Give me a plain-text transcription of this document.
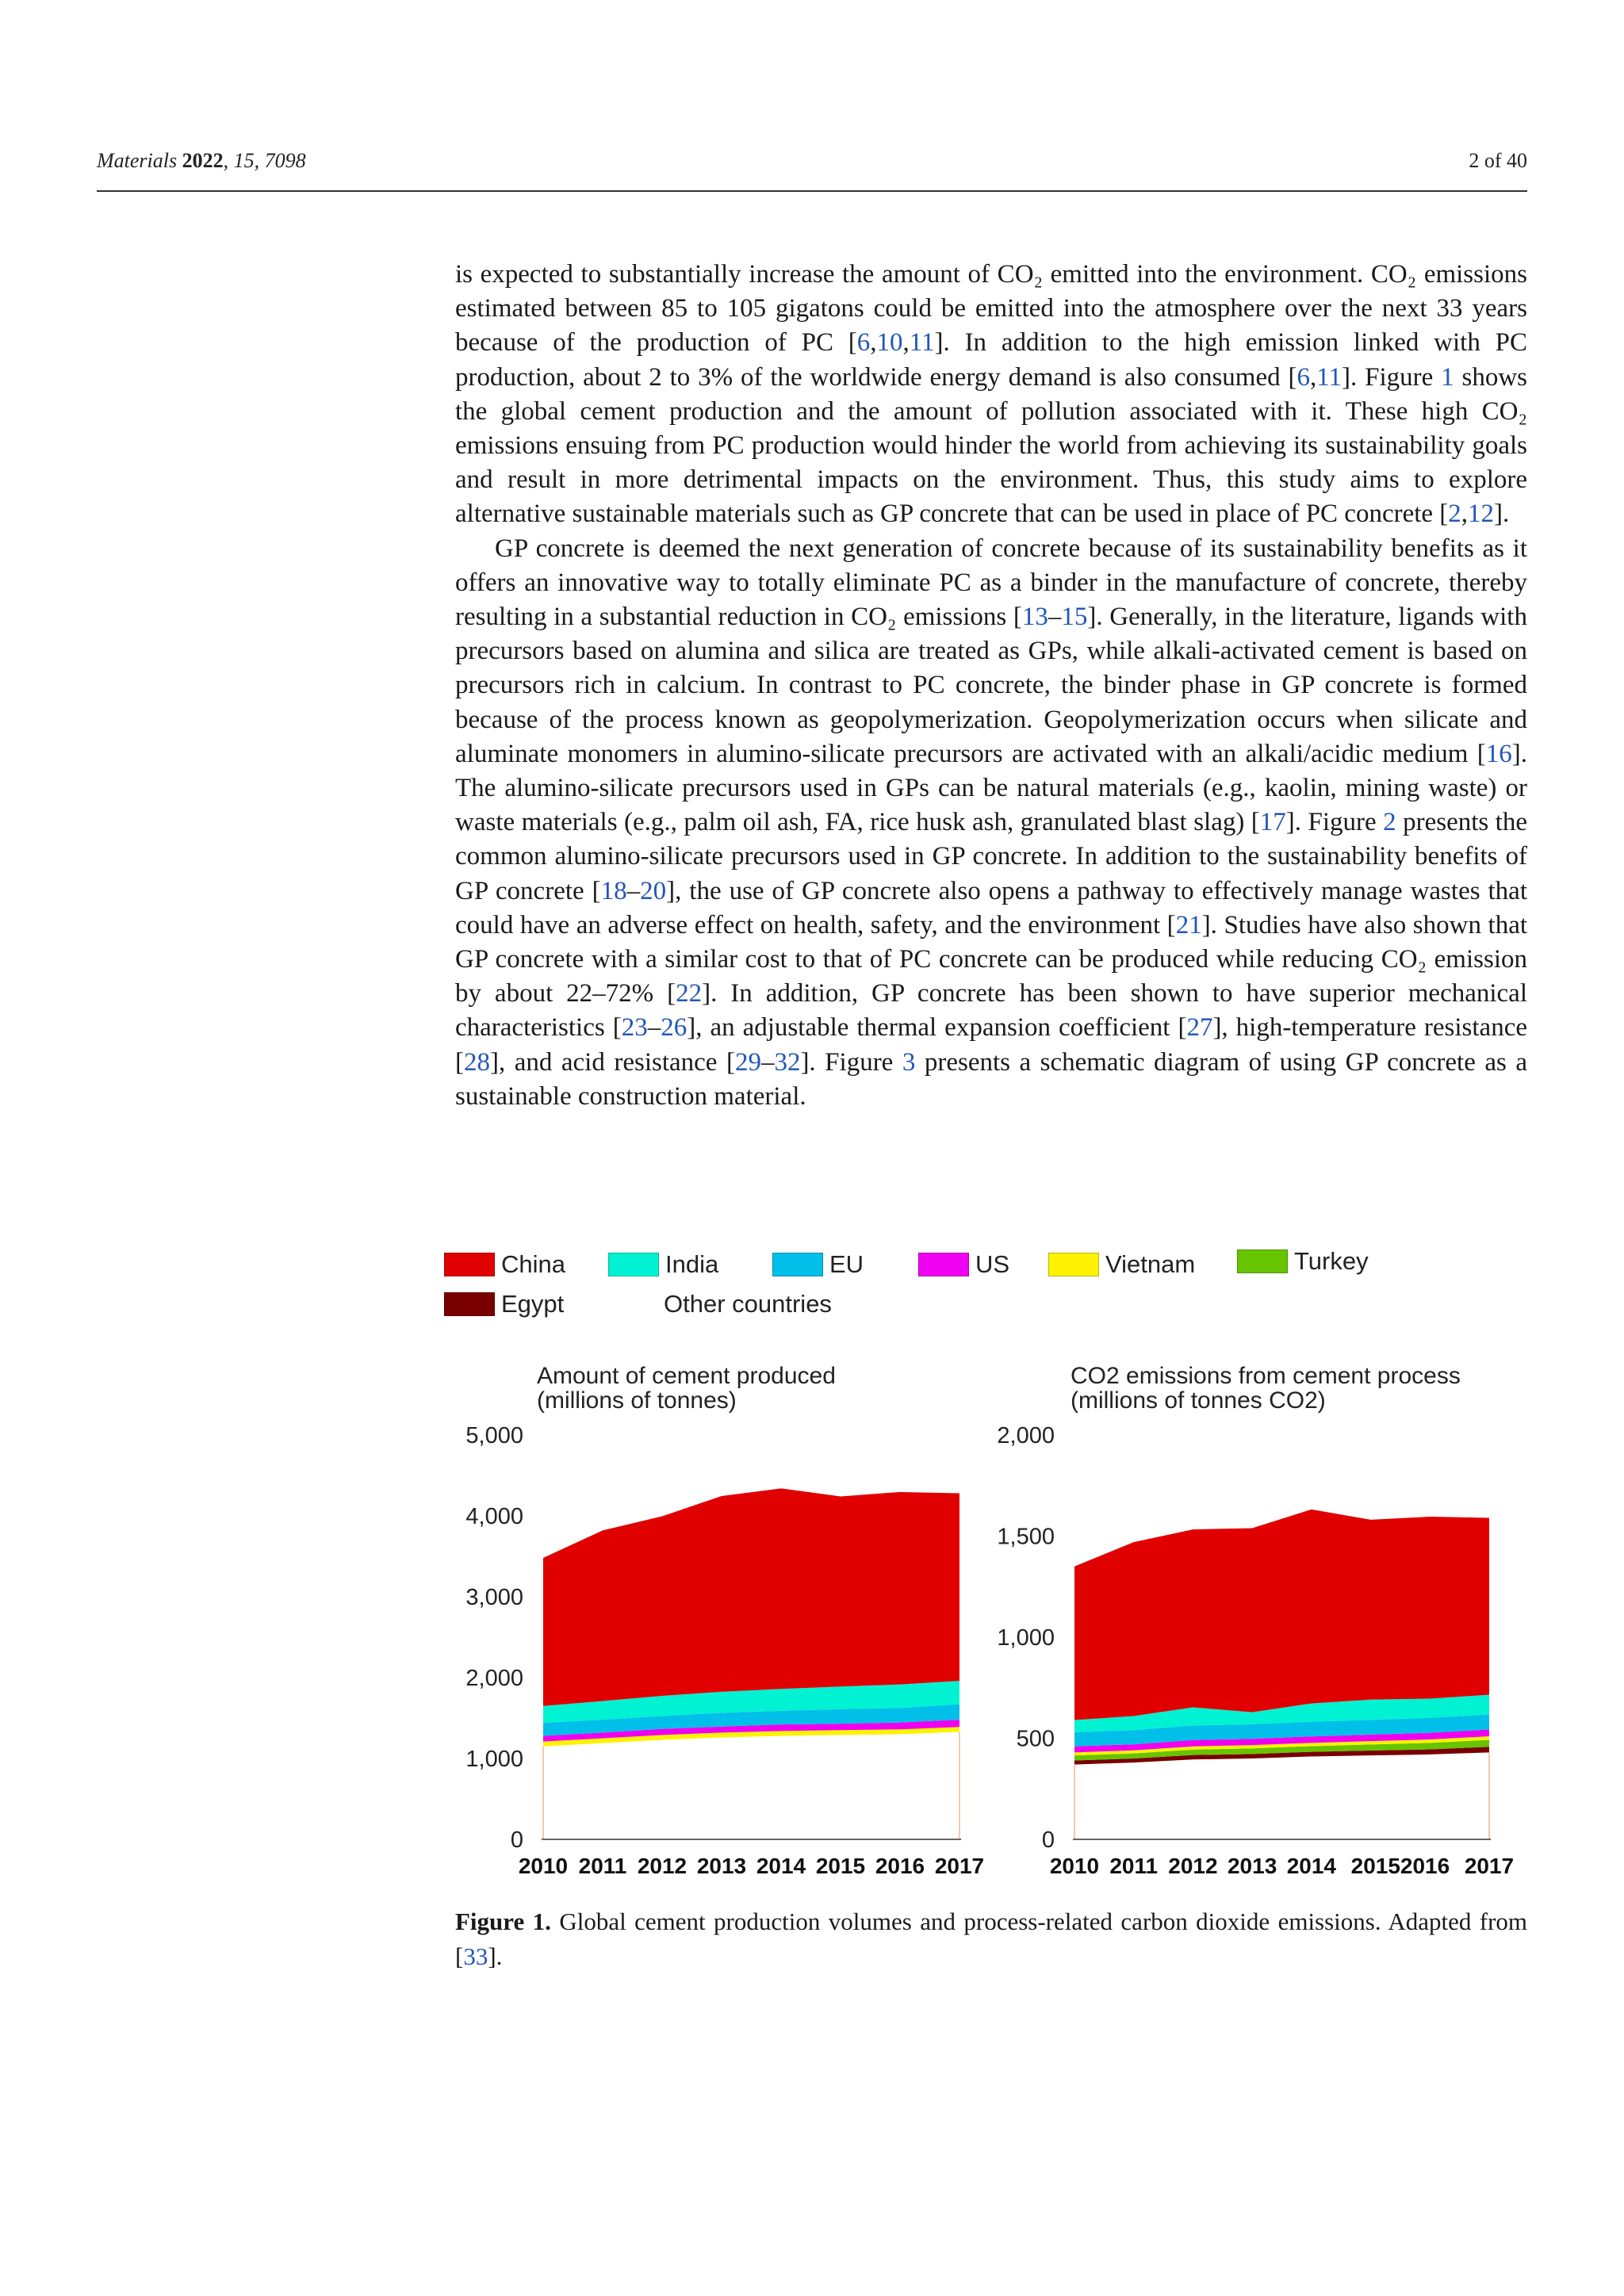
Materials 2022, 15, 7098	2 of 40

is expected to substantially increase the amount of CO₂ emitted into the environment. CO₂ emissions estimated between 85 to 105 gigatons could be emitted into the atmosphere over the next 33 years because of the production of PC [6,10,11]. In addition to the high emission linked with PC production, about 2 to 3% of the worldwide energy demand is also consumed [6,11]. Figure 1 shows the global cement production and the amount of pollution associated with it. These high CO₂ emissions ensuing from PC production would hinder the world from achieving its sustainability goals and result in more detrimental impacts on the environment. Thus, this study aims to explore alternative sustainable materials such as GP concrete that can be used in place of PC concrete [2,12].

GP concrete is deemed the next generation of concrete because of its sustainability benefits as it offers an innovative way to totally eliminate PC as a binder in the manufacture of concrete, thereby resulting in a substantial reduction in CO₂ emissions [13–15]. Generally, in the literature, ligands with precursors based on alumina and silica are treated as GPs, while alkali-activated cement is based on precursors rich in calcium. In contrast to PC concrete, the binder phase in GP concrete is formed because of the process known as geopolymerization. Geopolymerization occurs when silicate and aluminate monomers in alumino-silicate precursors are activated with an alkali/acidic medium [16]. The alumino-silicate precursors used in GPs can be natural materials (e.g., kaolin, mining waste) or waste materials (e.g., palm oil ash, FA, rice husk ash, granulated blast slag) [17]. Figure 2 presents the common alumino-silicate precursors used in GP concrete. In addition to the sustainability benefits of GP concrete [18–20], the use of GP concrete also opens a pathway to effectively manage wastes that could have an adverse effect on health, safety, and the environment [21]. Studies have also shown that GP concrete with a similar cost to that of PC concrete can be produced while reducing CO₂ emission by about 22–72% [22]. In addition, GP concrete has been shown to have superior mechanical characteristics [23–26], an adjustable thermal expansion coefficient [27], high-temperature resistance [28], and acid resistance [29–32]. Figure 3 presents a schematic diagram of using GP concrete as a sustainable construction material.

China	India	EU	US	Vietnam	Turkey
Egypt	Other countries
Amount of cement produced
(millions of tonnes)
CO2 emissions from cement process
(millions of tonnes CO2)
0
1,000
2,000
3,000
4,000
5,000
2010 2011 2012 2013 2014 2015 2016 2017
0
500
1,000
1,500
2,000
2010 2011 2012 2013 2014 20152016 2017
Figure 1. Global cement production volumes and process-related carbon dioxide emissions. Adapted from [33].
